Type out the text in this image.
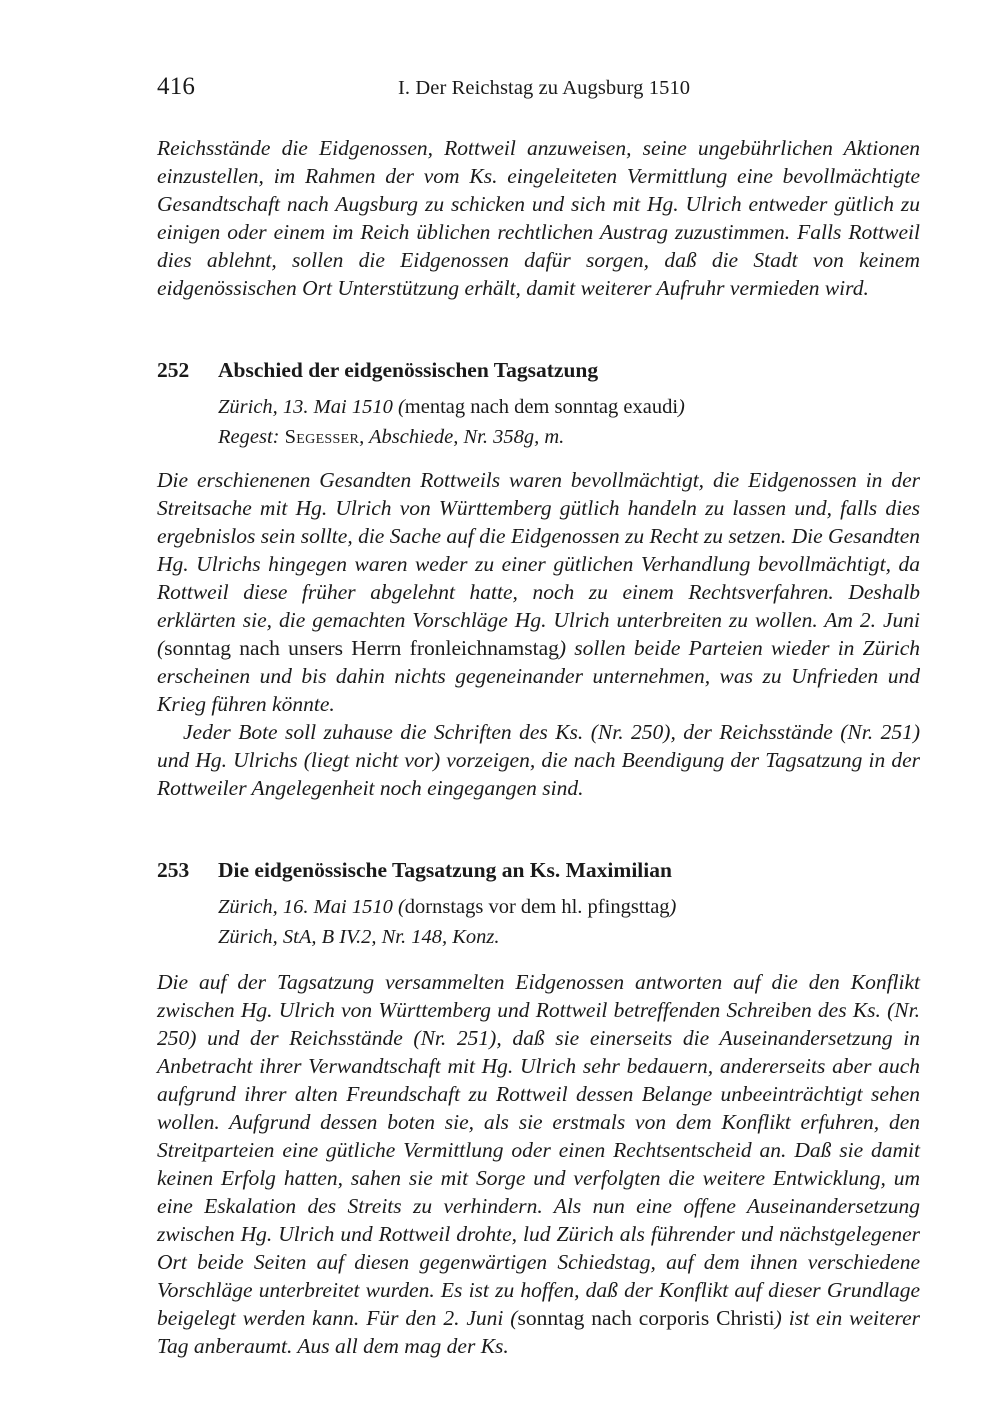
416	I. Der Reichstag zu Augsburg 1510

Reichsstände die Eidgenossen, Rottweil anzuweisen, seine ungebührlichen Aktionen einzustellen, im Rahmen der vom Ks. eingeleiteten Vermittlung eine bevollmächtigte Gesandtschaft nach Augsburg zu schicken und sich mit Hg. Ulrich entweder gütlich zu einigen oder einem im Reich üblichen rechtlichen Austrag zuzustimmen. Falls Rottweil dies ablehnt, sollen die Eidgenossen dafür sorgen, daß die Stadt von keinem eidgenössischen Ort Unterstützung erhält, damit weiterer Aufruhr vermieden wird.

252 Abschied der eidgenössischen Tagsatzung
Zürich, 13. Mai 1510 (mentag nach dem sonntag exaudi)
Regest: Segesser, Abschiede, Nr. 358g, m.

Die erschienenen Gesandten Rottweils waren bevollmächtigt, die Eidgenossen in der Streitsache mit Hg. Ulrich von Württemberg gütlich handeln zu lassen und, falls dies ergebnislos sein sollte, die Sache auf die Eidgenossen zu Recht zu setzen. Die Gesandten Hg. Ulrichs hingegen waren weder zu einer gütlichen Verhandlung bevollmächtigt, da Rottweil diese früher abgelehnt hatte, noch zu einem Rechtsverfahren. Deshalb erklärten sie, die gemachten Vorschläge Hg. Ulrich unterbreiten zu wollen. Am 2. Juni (sonntag nach unsers Herrn fronleichnamstag) sollen beide Parteien wieder in Zürich erscheinen und bis dahin nichts gegeneinander unternehmen, was zu Unfrieden und Krieg führen könnte.

Jeder Bote soll zuhause die Schriften des Ks. (Nr. 250), der Reichsstände (Nr. 251) und Hg. Ulrichs (liegt nicht vor) vorzeigen, die nach Beendigung der Tagsatzung in der Rottweiler Angelegenheit noch eingegangen sind.

253 Die eidgenössische Tagsatzung an Ks. Maximilian
Zürich, 16. Mai 1510 (dornstags vor dem hl. pfingsttag)
Zürich, StA, B IV.2, Nr. 148, Konz.

Die auf der Tagsatzung versammelten Eidgenossen antworten auf die den Konflikt zwischen Hg. Ulrich von Württemberg und Rottweil betreffenden Schreiben des Ks. (Nr. 250) und der Reichsstände (Nr. 251), daß sie einerseits die Auseinandersetzung in Anbetracht ihrer Verwandtschaft mit Hg. Ulrich sehr bedauern, andererseits aber auch aufgrund ihrer alten Freundschaft zu Rottweil dessen Belange unbeeinträchtigt sehen wollen. Aufgrund dessen boten sie, als sie erstmals von dem Konflikt erfuhren, den Streitparteien eine gütliche Vermittlung oder einen Rechtsentscheid an. Daß sie damit keinen Erfolg hatten, sahen sie mit Sorge und verfolgten die weitere Entwicklung, um eine Eskalation des Streits zu verhindern. Als nun eine offene Auseinandersetzung zwischen Hg. Ulrich und Rottweil drohte, lud Zürich als führender und nächstgelegener Ort beide Seiten auf diesen gegenwärtigen Schiedstag, auf dem ihnen verschiedene Vorschläge unterbreitet wurden. Es ist zu hoffen, daß der Konflikt auf dieser Grundlage beigelegt werden kann. Für den 2. Juni (sonntag nach corporis Christi) ist ein weiterer Tag anberaumt. Aus all dem mag der Ks.
